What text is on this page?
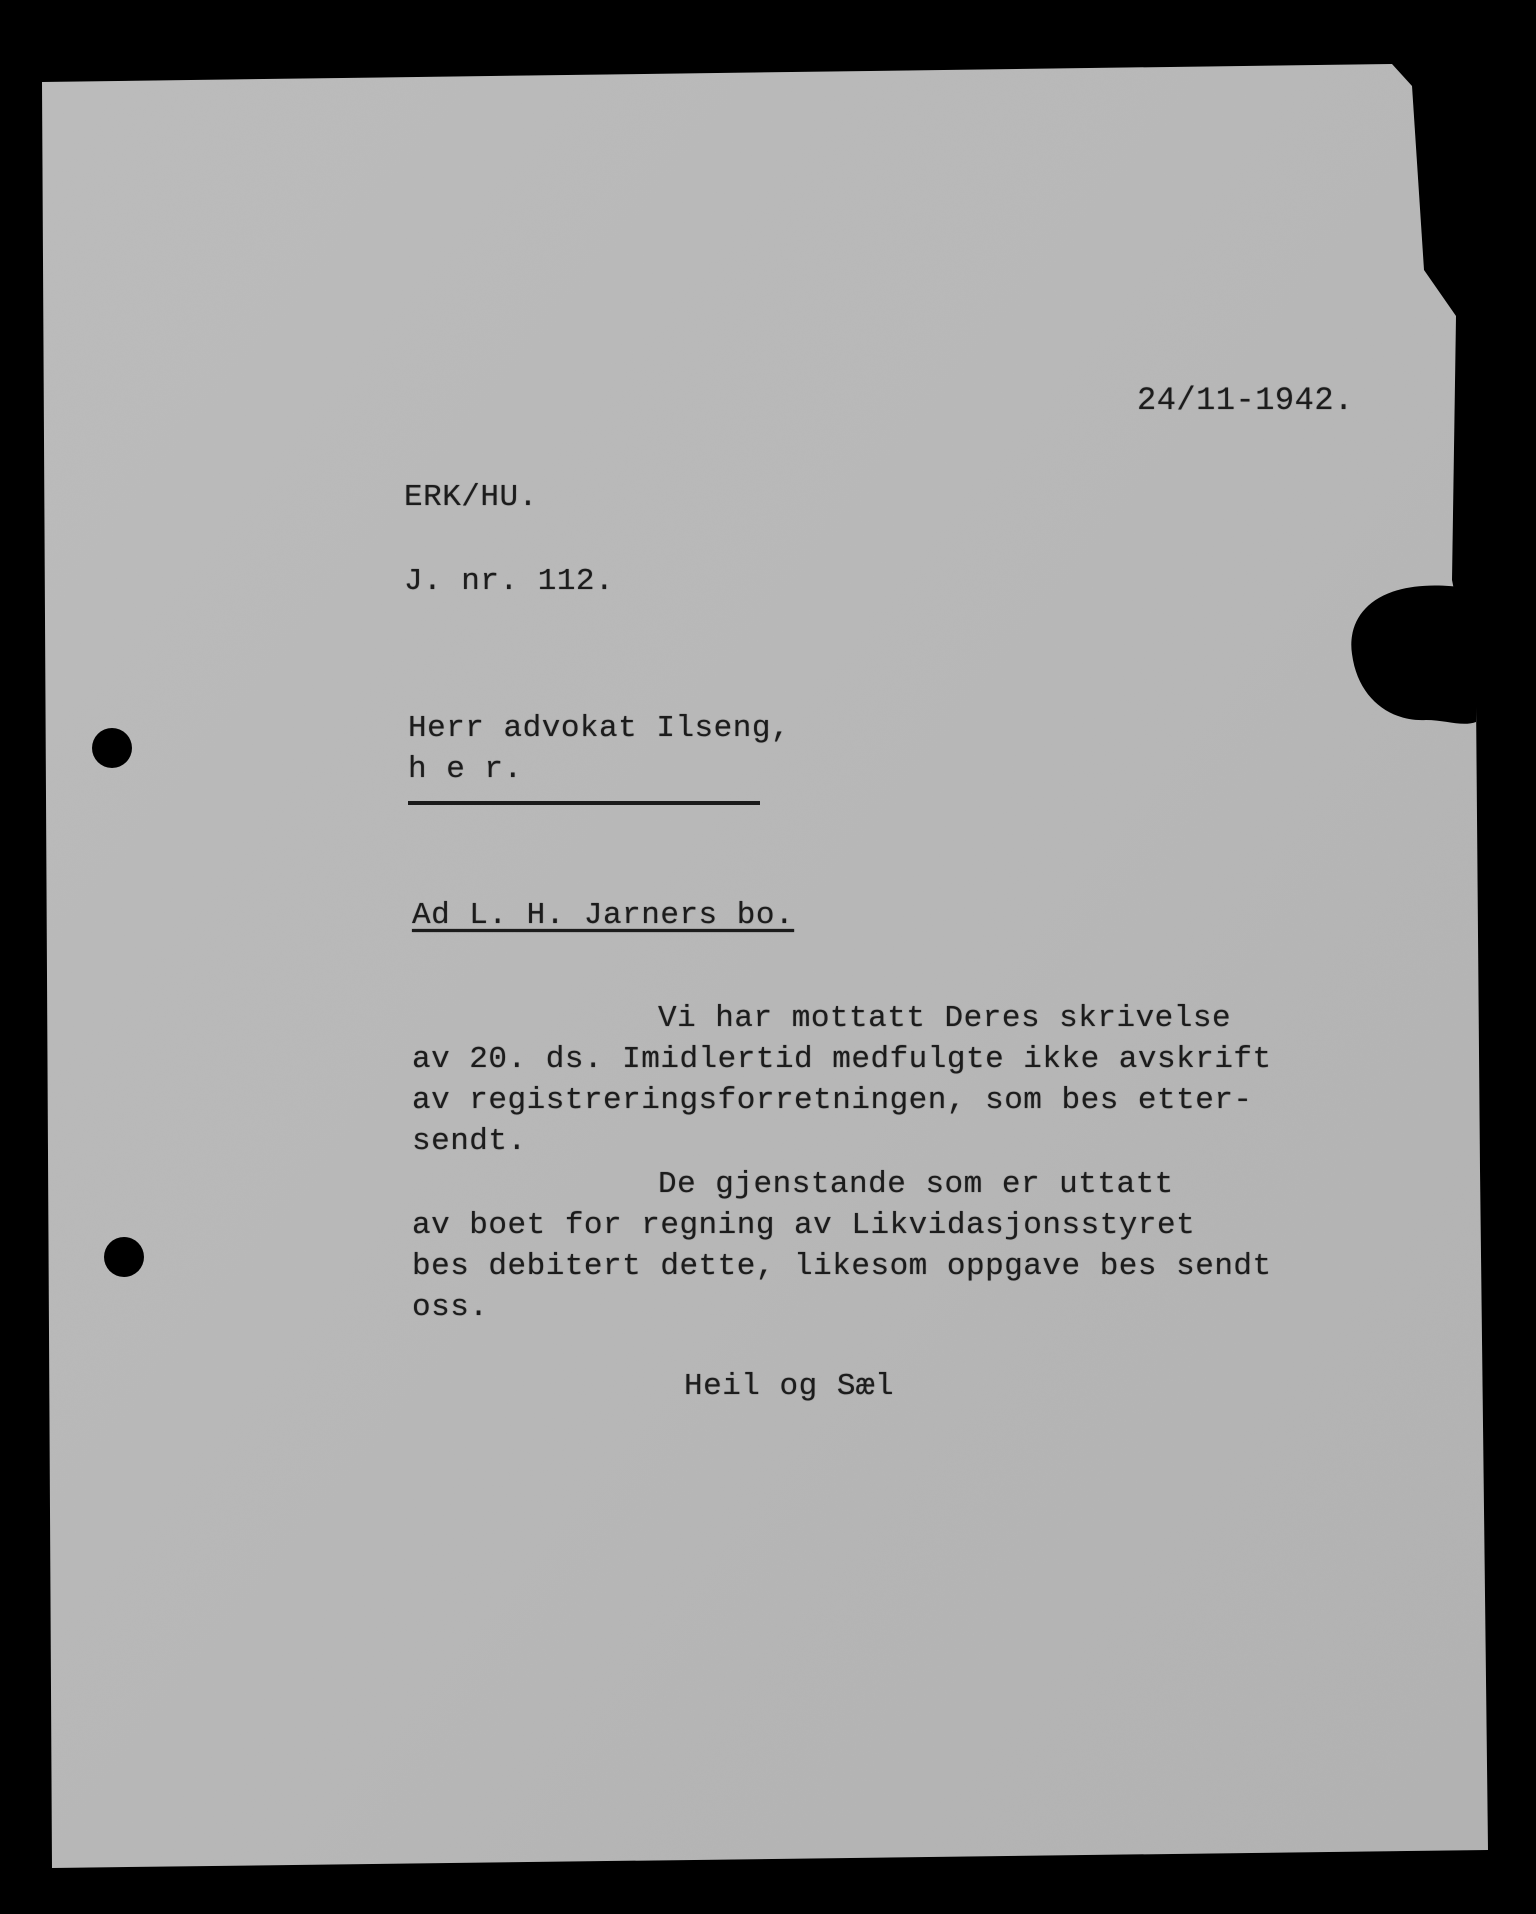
24/11-1942.
ERK/HU.
J. nr. 112.
Herr advokat Ilseng,
h e r.
Ad L. H. Jarners bo.
Vi har mottatt Deres skrivelse
av 20. ds. Imidlertid medfulgte ikke avskrift
av registreringsforretningen, som bes etter-
sendt.
De gjenstande som er uttatt
av boet for regning av Likvidasjonsstyret
bes debitert dette, likesom oppgave bes sendt
oss.
Heil og Sæl
